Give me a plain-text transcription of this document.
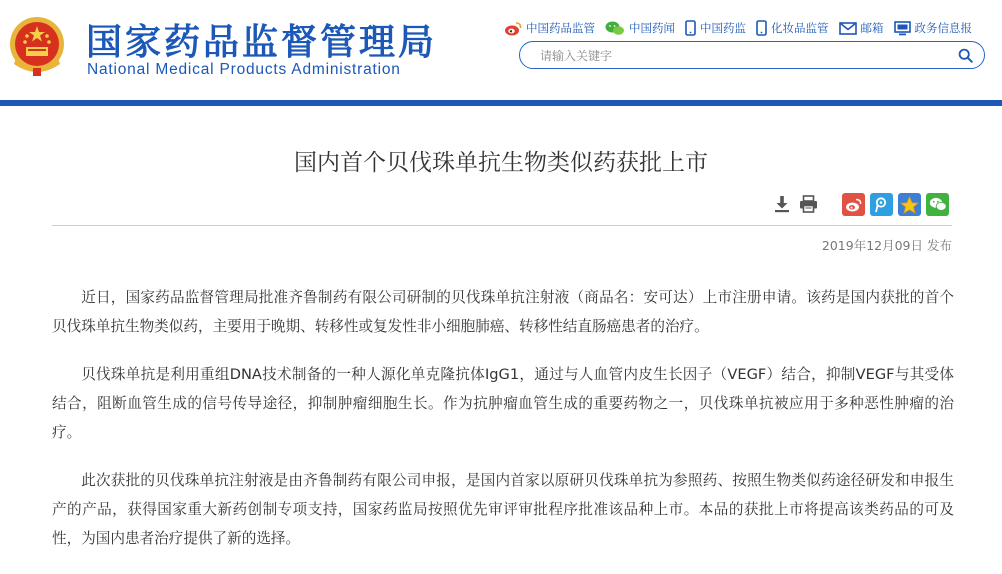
国家药品监督管理局
National Medical Products Administration
中国药品监管	中国药闻 中国药监 化妆品监管	邮箱	政务信息报
请输入关键字
国内首个贝伐珠单抗生物类似药获批上市
2019年12月09日 发布

近日，国家药品监督管理局批准齐鲁制药有限公司研制的贝伐珠单抗注射液（商品名：安可达）上市注册申请。该药是国内获批的首个贝伐珠单抗生物类似药，主要用于晚期、转移性或复发性非小细胞肺癌、转移性结直肠癌患者的治疗。

贝伐珠单抗是利用重组DNA技术制备的一种人源化单克隆抗体IgG1，通过与人血管内皮生长因子（VEGF）结合，抑制VEGF与其受体结合，阻断血管生成的信号传导途径，抑制肿瘤细胞生长。作为抗肿瘤血管生成的重要药物之一，贝伐珠单抗被应用于多种恶性肿瘤的治疗。

此次获批的贝伐珠单抗注射液是由齐鲁制药有限公司申报，是国内首家以原研贝伐珠单抗为参照药、按照生物类似药途径研发和申报生产的产品，获得国家重大新药创制专项支持，国家药监局按照优先审评审批程序批准该品种上市。本品的获批上市将提高该类药品的可及性，为国内患者治疗提供了新的选择。
